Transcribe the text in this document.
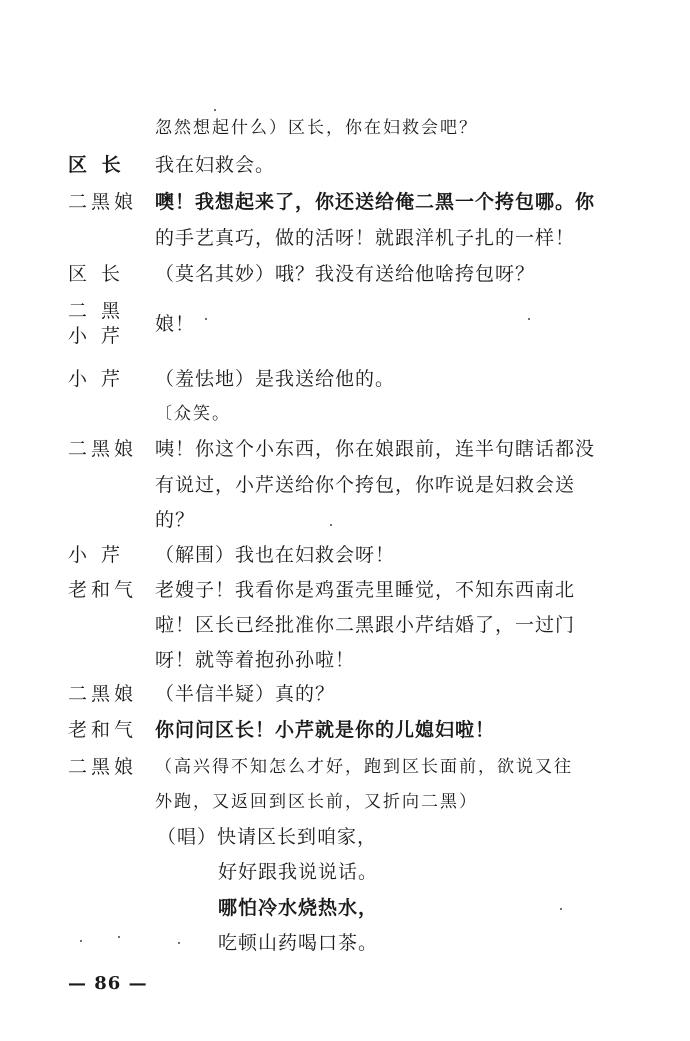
忽然想起什么）区长，你在妇救会吧？
区 长 我在妇救会。
二黑娘 噢！我想起来了，你还送给俺二黑一个挎包哪。你
的手艺真巧，做的活呀！就跟洋机子扎的一样！
区 长 （莫名其妙）哦？我没有送给他啥挎包呀？
二 黑
小 芹
娘！
小 芹 （羞怯地）是我送给他的。
〔众笑。
二黑娘 咦！你这个小东西，你在娘跟前，连半句瞎话都没
有说过，小芹送给你个挎包，你咋说是妇救会送
的？
小 芹 （解围）我也在妇救会呀！
老和气 老嫂子！我看你是鸡蛋壳里睡觉，不知东西南北
啦！区长已经批准你二黑跟小芹结婚了，一过门
呀！就等着抱孙孙啦！
二黑娘 （半信半疑）真的？
老和气 你问问区长！小芹就是你的儿媳妇啦！
二黑娘 （高兴得不知怎么才好，跑到区长面前，欲说又往
外跑，又返回到区长前，又折向二黑）
（唱）快请区长到咱家，
好好跟我说说话。
哪怕冷水烧热水，
吃顿山药喝口茶。
— 86 —
